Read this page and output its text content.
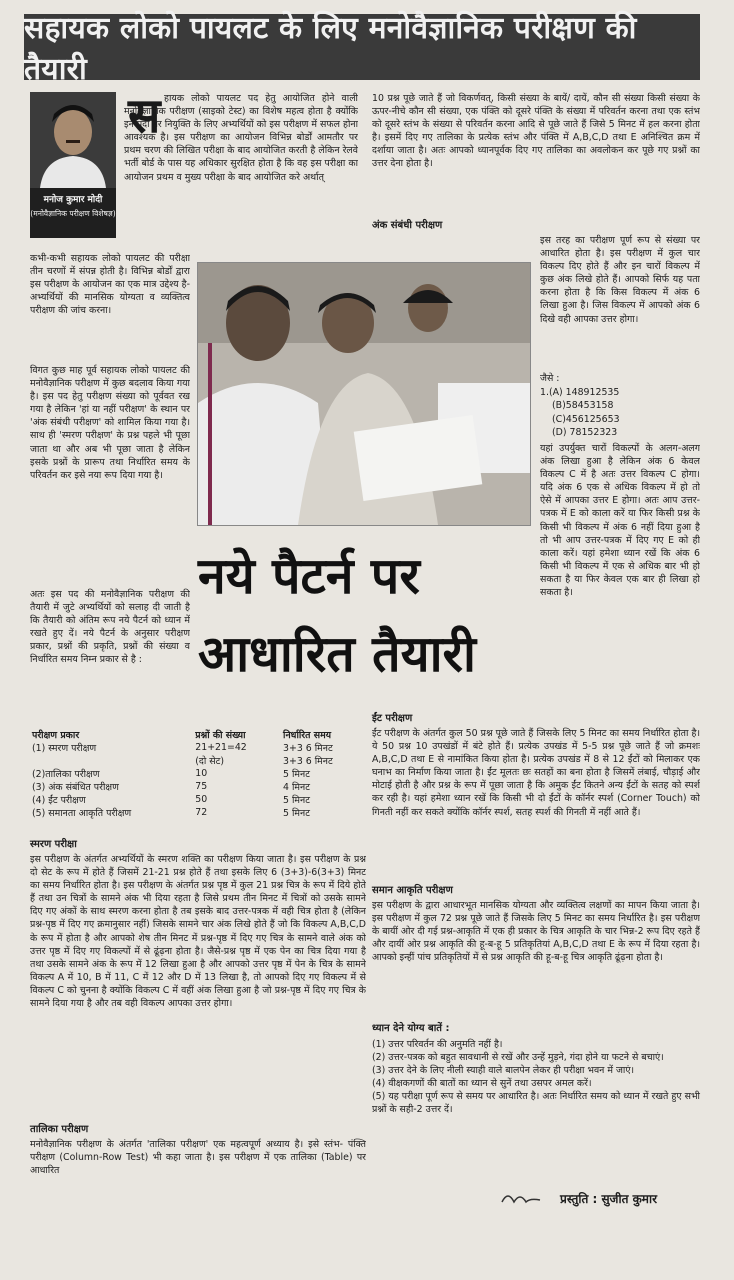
सहायक लोको पायलट के लिए मनोवैज्ञानिक परीक्षण की तैयारी
मनोज कुमार मोदी
(मनोवैज्ञानिक परीक्षण विशेषज्ञ)
स हायक लोको पायलट पद हेतु आयोजित होने वाली मनोवैज्ञानिक परीक्षण (साइको टेस्ट) का विशेष महत्व होता है क्योंकि इन पदों पर नियुक्ति के लिए अभ्यर्थियों को इस परीक्षण में सफल होना आवश्यक है। इस परीक्षण का आयोजन विभिन्न बोर्डों आमतौर पर प्रथम चरण की लिखित परीक्षा के बाद आयोजित करती है लेकिन रेलवे भर्ती बोर्ड के पास यह अधिकार सुरक्षित होता है कि वह इस परीक्षा का आयोजन प्रथम व मुख्य परीक्षा के बाद आयोजित करे अर्थात्

कभी-कभी सहायक लोको पायलट की परीक्षा तीन चरणों में संपन्न होती है। विभिन्न बोर्डों द्वारा इस परीक्षण के आयोजन का एक मात्र उद्देश्य है-अभ्यर्थियों की मानसिक योग्यता व व्यक्तित्व परीक्षण की जांच करना।

विगत कुछ माह पूर्व सहायक लोको पायलट की मनोवैज्ञानिक परीक्षण में कुछ बदलाव किया गया है। इस पद हेतु परीक्षण संख्या को पूर्ववत रख गया है लेकिन 'हां या नहीं परीक्षण' के स्थान पर 'अंक संबंधी परीक्षण' को शामिल किया गया है। साथ ही 'स्मरण परीक्षण' के प्रश्न पहले भी पूछा जाता था और अब भी पूछा जाता है लेकिन इसके प्रश्नों के प्रारूप तथा निर्धारित समय के परिवर्तन कर इसे नया रूप दिया गया है।

अतः इस पद की मनोवैज्ञानिक परीक्षण की तैयारी में जुटे अभ्यर्थियों को सलाह दी जाती है कि तैयारी को अंतिम रूप नये पैटर्न को ध्यान में रखते हुए दें। नये पैटर्न के अनुसार परीक्षण प्रकार, प्रश्नों की प्रकृति, प्रश्नों की संख्या व निर्धारित समय निम्न प्रकार से है :

नये पैटर्न पर
आधारित तैयारी

10 प्रश्न पूछे जाते हैं जो विकर्णवत्, किसी संख्या के बायें/ दायें, कौन सी संख्या किसी संख्या के ऊपर-नीचे कौन सी संख्या, एक पंक्ति को दूसरे पंक्ति के संख्या में परिवर्तन करना तथा एक स्तंभ को दूसरे स्तंभ के संख्या से परिवर्तन करना आदि से पूछे जाते हैं जिसे 5 मिनट में हल करना होता है। इसमें दिए गए तालिका के प्रत्येक स्तंभ और पंक्ति में A,B,C,D तथा E अनिश्चित क्रम में दर्शाया जाता है। अतः आपको ध्यानपूर्वक दिए गए तालिका का अवलोकन कर पूछे गए प्रश्नों का उत्तर देना होता है।

अंक संबंधी परीक्षण

इस तरह का परीक्षण पूर्ण रूप से संख्या पर आधारित होता है। इस परीक्षण में कुल चार विकल्प दिए होते हैं और इन चारों विकल्प में कुछ अंक लिखे होते हैं। आपको सिर्फ यह पता करना होता है कि किस विकल्प में अंक 6 लिखा हुआ है। जिस विकल्प में आपको अंक 6 दिखे वही आपका उत्तर होगा।

जैसे :
1.(A) 148912535
(B)58453158
(C)456125653
(D) 78152323

यहां उपर्युक्त चारों विकल्पों के अलग-अलग अंक लिखा हुआ है लेकिन अंक 6 केवल विकल्प C में है अतः उत्तर विकल्प C होगा। यदि अंक 6 एक से अधिक विकल्प में हो तो ऐसे में आपका उत्तर E होगा। अतः आप उत्तर-पत्रक में E को काला करें या फिर किसी प्रश्न के किसी भी विकल्प में अंक 6 नहीं दिया हुआ है तो भी आप उत्तर-पत्रक में दिए गए E को ही काला करें। यहां हमेशा ध्यान रखें कि अंक 6 किसी भी विकल्प में एक से अधिक बार भी हो सकता है या फिर केवल एक बार ही लिखा हो सकता है।

परीक्षण प्रकार	प्रश्नों की संख्या	निर्धारित समय
(1) स्मरण परीक्षण	21+21=42	3+3 6 मिनट
	(दो सेट)	3+3 6 मिनट
(2)तालिका परीक्षण	10	5 मिनट
(3) अंक संबंधित परीक्षण	75	4 मिनट
(4) ईंट परीक्षण	50	5 मिनट
(5) समानता आकृति परीक्षण	72	5 मिनट
स्मरण परीक्षा

इस परीक्षण के अंतर्गत अभ्यर्थियों के स्मरण शक्ति का परीक्षण किया जाता है। इस परीक्षण के प्रश्न दो सेट के रूप में होते हैं जिसमें 21-21 प्रश्न होते हैं तथा इसके लिए 6 (3+3)-6(3+3) मिनट का समय निर्धारित होता है। इस परीक्षण के अंतर्गत प्रश्न पृष्ठ में कुल 21 प्रश्न चित्र के रूप में दिये होते हैं तथा उन चित्रों के सामने अंक भी दिया रहता है जिसे प्रथम तीन मिनट में चित्रों को उसके सामने दिए गए अंकों के साथ स्मरण करना होता है तब इसके बाद उत्तर-पत्रक में वही चित्र होता है (लेकिन प्रश्न-पृष्ठ में दिए गए क्रमानुसार नहीं) जिसके सामने चार अंक लिखे होते हैं जो कि विकल्प A,B,C,D के रूप में होता है और आपको शेष तीन मिनट में प्रश्न-पृष्ठ में दिए गए चित्र के सामने वाले अंक को उत्तर पृष्ठ में दिए गए विकल्पों में से ढूंढ़ना होता है। जैसे-प्रश्न पृष्ठ में एक पेन का चित्र दिया गया है तथा उसके सामने अंक के रूप में 12 लिखा हुआ है और आपको उत्तर पृष्ठ में पेन के चित्र के सामने विकल्प A में 10, B में 11, C में 12 और D में 13 लिखा है, तो आपको दिए गए विकल्प में से विकल्प C को चुनना है क्योंकि विकल्प C में वहीं अंक लिखा हुआ है जो प्रश्न-पृष्ठ में दिए गए चित्र के सामने दिया गया है और तब वही विकल्प आपका उत्तर होगा।

तालिका परीक्षण

मनोवैज्ञानिक परीक्षण के अंतर्गत 'तालिका परीक्षण' एक महत्वपूर्ण अध्याय है। इसे स्तंभ- पंक्ति परीक्षण (Column-Row Test) भी कहा जाता है। इस परीक्षण में एक तालिका (Table) पर आधारित

ईंट परीक्षण

ईंट परीक्षण के अंतर्गत कुल 50 प्रश्न पूछे जाते हैं जिसके लिए 5 मिनट का समय निर्धारित होता है। ये 50 प्रश्न 10 उपखंडों में बंटे होते हैं। प्रत्येक उपखंड में 5-5 प्रश्न पूछे जाते हैं जो क्रमशः A,B,C,D तथा E से नामांकित किया होता है। प्रत्येक उपखंड में 8 से 12 ईंटों को मिलाकर एक घनाभ का निर्माण किया जाता है। ईंट मूलतः छः सतहों का बना होता है जिसमें लंबाई, चौड़ाई और मोटाई होती है और प्रश्न के रूप में पूछा जाता है कि अमुक ईंट कितने अन्य ईंटों के सतह को स्पर्श कर रही है। यहां हमेशा ध्यान रखें कि किसी भी दो ईंटों के कॉर्नर स्पर्श (Corner Touch) को गिनती नहीं कर सकते क्योंकि कॉर्नर स्पर्श, सतह स्पर्श की गिनती में नहीं आते हैं।

समान आकृति परीक्षण

इस परीक्षण के द्वारा आधारभूत मानसिक योग्यता और व्यक्तित्व लक्षणों का मापन किया जाता है। इस परीक्षण में कुल 72 प्रश्न पूछे जाते हैं जिसके लिए 5 मिनट का समय निर्धारित है। इस परीक्षण के बायीं ओर दी गई प्रश्न-आकृति में एक ही प्रकार के चित्र आकृति के चार भिन्न-2 रूप दिए रहते हैं और दायीं ओर प्रश्न आकृति की हू-ब-हू 5 प्रतिकृतियां A,B,C,D तथा E के रूप में दिया रहता है। आपको इन्हीं पांच प्रतिकृतियों में से प्रश्न आकृति की हू-ब-हू चित्र आकृति ढूंढ़ना होता है।

ध्यान देने योग्य बातें :

(1) उत्तर परिवर्तन की अनुमति नहीं है।

(2) उत्तर-पत्रक को बहुत सावधानी से रखें और उन्हें मुड़ने, गंदा होने या फटने से बचाएं।

(3) उत्तर देने के लिए नीली स्याही वाले बालपेन लेकर ही परीक्षा भवन में जाएं।

(4) वीक्षकगणों की बातों का ध्यान से सुनें तथा उसपर अमल करें।

(5) यह परीक्षा पूर्ण रूप से समय पर आधारित है। अतः निर्धारित समय को ध्यान में रखते हुए सभी प्रश्नों के सही-2 उत्तर दें।

प्रस्तुति : सुजीत कुमार
